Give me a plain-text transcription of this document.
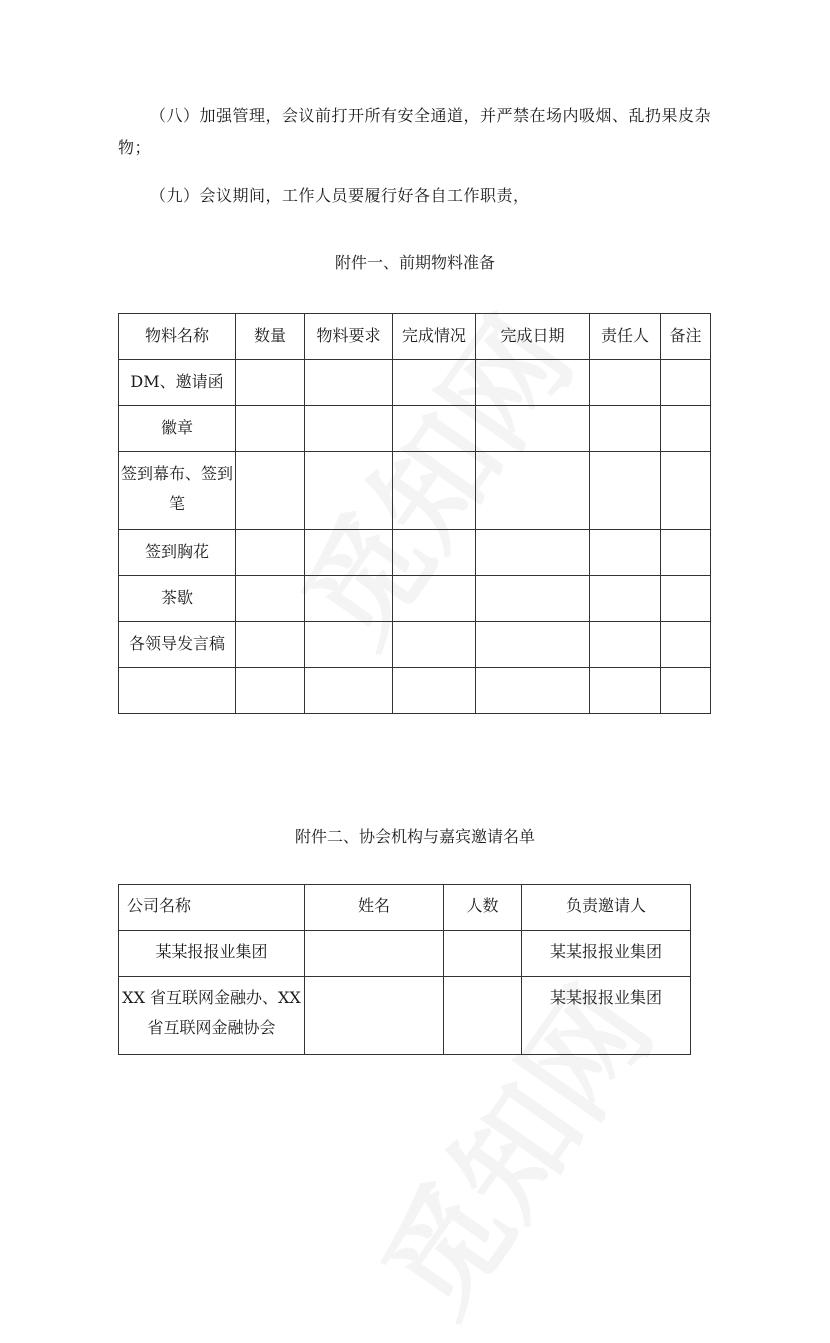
（八）加强管理，会议前打开所有安全通道，并严禁在场内吸烟、乱扔果皮杂物；

（九）会议期间，工作人员要履行好各自工作职责，

附件一、前期物料准备

物料名称	数量	物料要求	完成情况	完成日期	责任人	备注
DM、邀请函						
徽章						
签到幕布、签到笔						
签到胸花						
茶歇						
各领导发言稿						

附件二、协会机构与嘉宾邀请名单

公司名称	姓名	人数	负责邀请人
某某报报业集团			某某报报业集团
XX 省互联网金融办、XX 省互联网金融协会			某某报报业集团
